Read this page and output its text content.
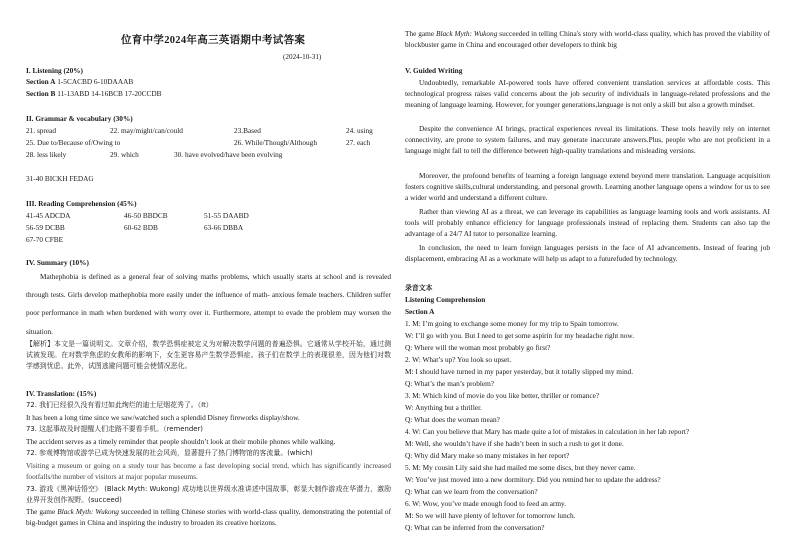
位育中学2024年高三英语期中考试答案
(2024-10-31)
I. Listening (20%)
Section A 1-5CACBD 6-10DAAAB
Section B 11-13ABD 14-16BCB 17-20CCDB
II. Grammar & vocabulary (30%)
21. spread	22. may/might/can/could	23.Based	24. using
25. Due to/Because of/Owing to	26. While/Though/Although	27. each
28. less likely	29. which	30. have evolved/have been evolving
31-40 BICKH FEDAG
III. Reading Comprehension (45%)
41-45 ADCDA	46-50 BBDCB	51-55 DAABD
56-59 DCBB	60-62 BDB	63-66 DBBA
67-70 CFBE
IV. Summary (10%)
Mathephobia is defined as a general fear of solving maths problems, which usually starts at school and is revealed through tests. Girls develop mathephobia more easily under the influence of math- anxious female teachers. Children suffer poor performance in math when burdened with worry over it. Furthermore, attempt to evade the problem may worsen the situation.
【解析】本文是一篇说明文。文章介绍，数学恐惧症被定义为对解决数学问题的普遍恐惧。它通常从学校开始，通过测试被发现。在对数学焦虑的女教师的影响下，女生更容易产生数学恐惧症。孩子们在数学上的表现很差，因为他们对数学感到忧虑。此外，试图逃避问题可能会使情况恶化。
IV. Translation: (15%)
72. 我们已经很久没有看过如此绚烂的迪士尼烟花秀了。（It）
It has been a long time since we saw/watched such a splendid Disney fireworks display/show.
73. 这起事故及时提醒人们走路不要看手机。（remender)
The accident serves as a timely reminder that people shouldn’t look at their mobile phones while walking.
72. 参观博物馆或游学已成为快速发展的社会风尚，显著提升了热门博物馆的客流量。(which)
Visiting a museum or going on a study tour has become a fast developing social trend, which has significantly increased footfalls/the number of visitors at major popular museums.
73. 游戏《黑神话悟空》 (Black Myth: Wukong) 成功地以世界级水准讲述中国故事，彰显大制作游戏在华潜力，激励业界开发创作视野。(succeed)
The game Black Myth: Wukong succeeded in telling Chinese stories with world-class quality, demonstrating the potential of big-budget games in China and inspiring the industry to broaden its creative horizons.
The game Black Myth: Wukong succeeded in telling China's story with world-class quality, which has proved the viability of blockbuster game in China and encouraged other developers to think big
V. Guided Writing
Undoubtedly, remarkable AI-powered tools have offered convenient translation services at affordable costs. This technological progress raises valid concerns about the job security of individuals in language-related professions and the meaning of language learning. However, for younger generations,language is not only a skill but also a growth mindset.
Despite the convenience AI brings, practical experiences reveal its limitations. These tools heavily rely on internet connectivity, are prone to system failures, and may generate inaccurate answers.Plus, people who are not proficient in a language might fail to tell the difference between high-quality translations and misleading versions.
Moreover, the profound benefits of learning a foreign language extend beyond mere translation. Language acquisition fosters cognitive skills,cultural understanding, and personal growth. Learning another language opens a window for us to see a wider world and understand a different culture.
Rather than viewing AI as a threat, we can leverage its capabilities as language learning tools and work assistants. AI tools will probably enhance efficiency for language professionals instead of replacing them. Students can also tap the advantage of a 24/7 AI tutor to personalize learning.
In conclusion, the need to learn foreign languages persists in the face of AI advancements. Instead of fearing job displacement, embracing AI as a workmate will help us adapt to a futurefuded by technology.
录音文本
Listening Comprehension
Section A
1. M: I’m going to exchange some money for my trip to Spain tomorrow.
W: I’ll go with you. But I need to get some aspirin for my headache right now.
Q: Where will the woman most probably go first?
2. W: What’s up? You look so upset.
M: I should have turned in my paper yesterday, but it totally slipped my mind.
Q: What’s the man’s problem?
3. M: Which kind of movie do you like better, thriller or romance?
W: Anything but a thriller.
Q: What does the woman mean?
4. W: Can you believe that Mary has made quite a lot of mistakes in calculation in her lab report?
M: Well, she wouldn’t have if she hadn’t been in such a rush to get it done.
Q: Why did Mary make so many mistakes in her report?
5. M: My cousin Lily said she had mailed me some discs, but they never came.
W: You’ve just moved into a new dormitory. Did you remind her to update the address?
Q: What can we learn from the conversation?
6. W: Wow, you’ve made enough food to feed an army.
M: So we will have plenty of leftover for tomorrow lunch.
Q: What can be inferred from the conversation?
